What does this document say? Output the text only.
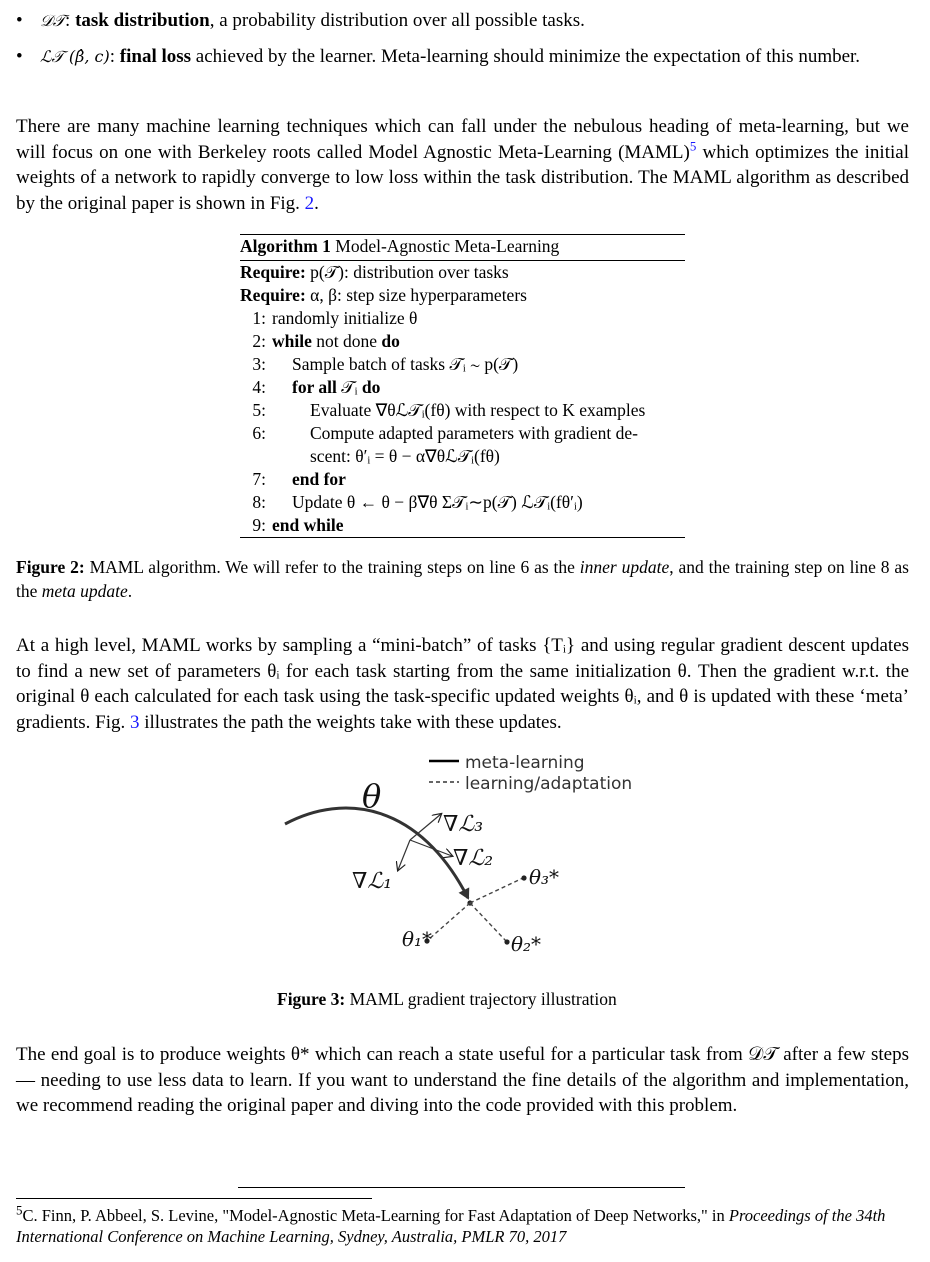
• 𝒟𝒯: task distribution, a probability distribution over all possible tasks.
• ℒ𝒯 (β̂, c): final loss achieved by the learner. Meta-learning should minimize the expectation of this number.
There are many machine learning techniques which can fall under the nebulous heading of meta-learning, but we will focus on one with Berkeley roots called Model Agnostic Meta-Learning (MAML)$^5$ which optimizes the initial weights of a network to rapidly converge to low loss within the task distribution. The MAML algorithm as described by the original paper is shown in Fig. 2.
Algorithm 1 Model-Agnostic Meta-Learning
Require: p(𝒯): distribution over tasks
Require: α, β: step size hyperparameters
1: randomly initialize θ
2: while not done do
3:	Sample batch of tasks 𝒯ᵢ ∼ p(𝒯)
4:	for all 𝒯ᵢ do
5:	Evaluate ∇θℒ𝒯ᵢ(fθ) with respect to K examples
6:	Compute adapted parameters with gradient de-
scent: θ′ᵢ = θ − α∇θℒ𝒯ᵢ(fθ)
7:	end for
8:	Update θ ← θ − β∇θ Σ𝒯ᵢ∼p(𝒯) ℒ𝒯ᵢ(fθ′ᵢ)
9: end while
Figure 2: MAML algorithm. We will refer to the training steps on line 6 as the inner update, and the training step on line 8 as the meta update.
At a high level, MAML works by sampling a “mini-batch” of tasks {Tᵢ} and using regular gradient descent updates to find a new set of parameters θᵢ for each task starting from the same initialization θ. Then the gradient w.r.t. the original θ each calculated for each task using the task-specific updated weights θᵢ, and θ is updated with these ‘meta’ gradients. Fig. 3 illustrates the path the weights take with these updates.
meta-learning
learning/adaptation
θ
∇ℒ₃
∇ℒ₂
∇ℒ₁	θ₃*
θ₂*
θ₁*
Figure 3: MAML gradient trajectory illustration
The end goal is to produce weights θ* which can reach a state useful for a particular task from 𝒟𝒯 after a few steps — needing to use less data to learn. If you want to understand the fine details of the algorithm and implementation, we recommend reading the original paper and diving into the code provided with this problem.
$^5$C. Finn, P. Abbeel, S. Levine, "Model-Agnostic Meta-Learning for Fast Adaptation of Deep Networks," in Proceedings of the 34th International Conference on Machine Learning, Sydney, Australia, PMLR 70, 2017
